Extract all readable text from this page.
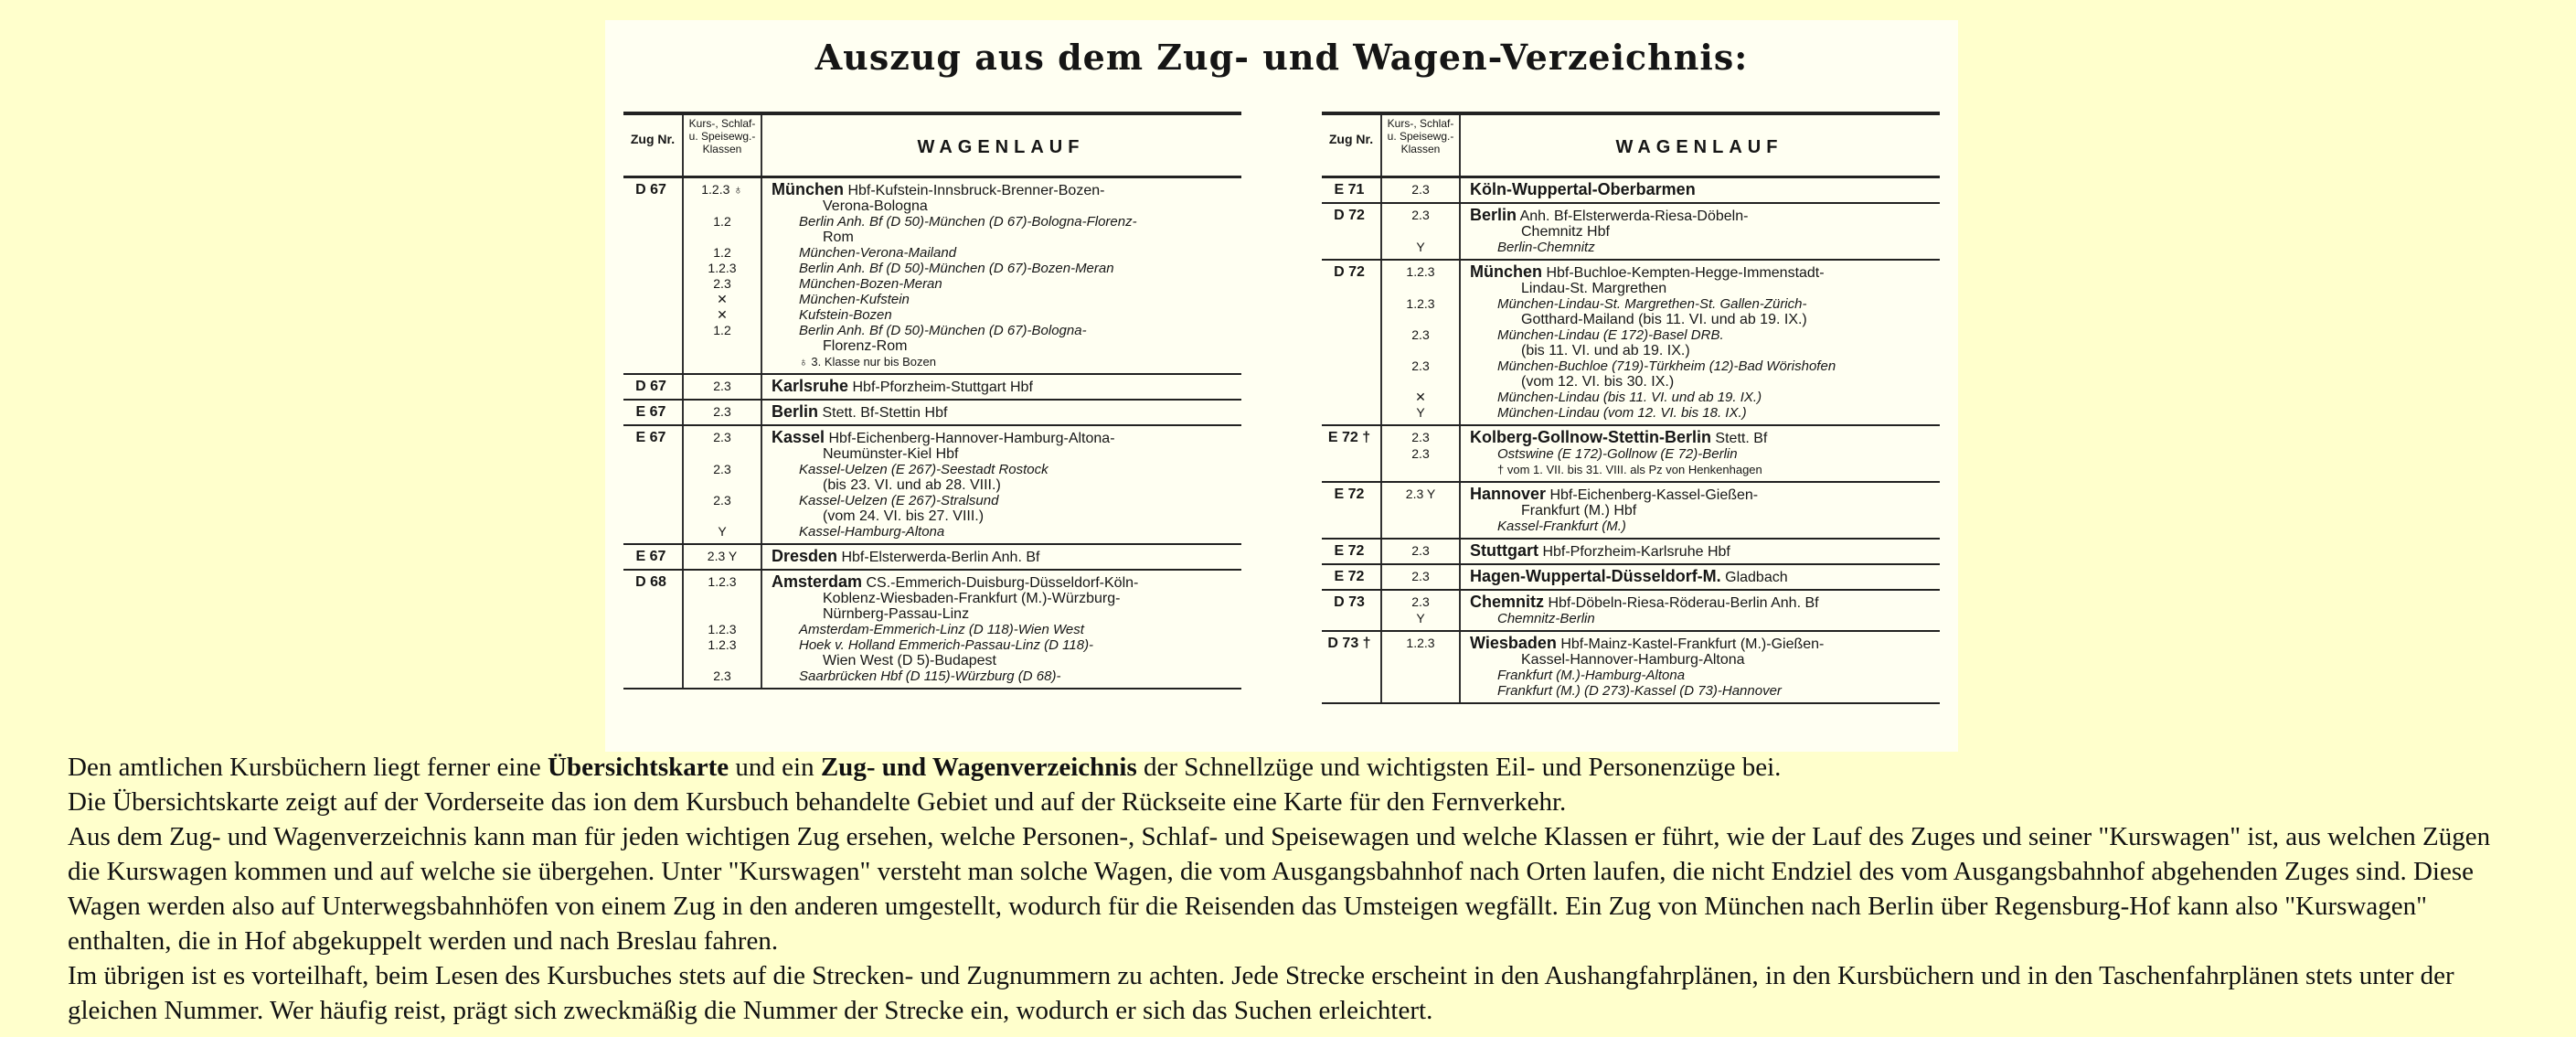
Auszug aus dem Zug- und Wagen-Verzeichnis:
Zug Nr.
Kurs-, Schlaf- u. Speisewg.- Klassen	WAGENLAUF
D 67	1.2.3 ♁	München Hbf-Kufstein-Innsbruck-Brenner-Bozen-
Verona-Bologna
1.2	Berlin Anh. Bf (D 50)-München (D 67)-Bologna-Florenz-
Rom
1.2	München-Verona-Mailand
1.2.3	Berlin Anh. Bf (D 50)-München (D 67)-Bozen-Meran
2.3	München-Bozen-Meran
✕	München-Kufstein
✕	Kufstein-Bozen
1.2	Berlin Anh. Bf (D 50)-München (D 67)-Bologna-
Florenz-Rom
♁ 3. Klasse nur bis Bozen
D 67	2.3	Karlsruhe Hbf-Pforzheim-Stuttgart Hbf
E 67	2.3	Berlin Stett. Bf-Stettin Hbf
E 67	2.3	Kassel Hbf-Eichenberg-Hannover-Hamburg-Altona-
Neumünster-Kiel Hbf
2.3	Kassel-Uelzen (E 267)-Seestadt Rostock
(bis 23. VI. und ab 28. VIII.)
2.3	Kassel-Uelzen (E 267)-Stralsund
(vom 24. VI. bis 27. VIII.)
Y	Kassel-Hamburg-Altona
E 67	2.3 Y	Dresden Hbf-Elsterwerda-Berlin Anh. Bf
D 68	1.2.3	Amsterdam CS.-Emmerich-Duisburg-Düsseldorf-Köln-
Koblenz-Wiesbaden-Frankfurt (M.)-Würzburg-
Nürnberg-Passau-Linz
1.2.3	Amsterdam-Emmerich-Linz (D 118)-Wien West
1.2.3	Hoek v. Holland Emmerich-Passau-Linz (D 118)-
Wien West (D 5)-Budapest
2.3	Saarbrücken Hbf (D 115)-Würzburg (D 68)-
Zug Nr.
Kurs-, Schlaf- u. Speisewg.- Klassen	WAGENLAUF
E 71	2.3	Köln-Wuppertal-Oberbarmen
D 72	2.3	Berlin Anh. Bf-Elsterwerda-Riesa-Döbeln-
Chemnitz Hbf
Y	Berlin-Chemnitz
D 72	1.2.3	München Hbf-Buchloe-Kempten-Hegge-Immenstadt-
Lindau-St. Margrethen
1.2.3	München-Lindau-St. Margrethen-St. Gallen-Zürich-
Gotthard-Mailand (bis 11. VI. und ab 19. IX.)
2.3	München-Lindau (E 172)-Basel DRB.
(bis 11. VI. und ab 19. IX.)
2.3	München-Buchloe (719)-Türkheim (12)-Bad Wörishofen
(vom 12. VI. bis 30. IX.)
✕	München-Lindau (bis 11. VI. und ab 19. IX.)
Y	München-Lindau (vom 12. VI. bis 18. IX.)
E 72 †	2.3	Kolberg-Gollnow-Stettin-Berlin Stett. Bf
2.3	Ostswine (E 172)-Gollnow (E 72)-Berlin
† vom 1. VII. bis 31. VIII. als Pz von Henkenhagen
E 72	2.3 Y	Hannover Hbf-Eichenberg-Kassel-Gießen-
Frankfurt (M.) Hbf
Kassel-Frankfurt (M.)
E 72	2.3	Stuttgart Hbf-Pforzheim-Karlsruhe Hbf
E 72	2.3	Hagen-Wuppertal-Düsseldorf-M. Gladbach
D 73	2.3	Chemnitz Hbf-Döbeln-Riesa-Röderau-Berlin Anh. Bf
Y	Chemnitz-Berlin
D 73 †	1.2.3	Wiesbaden Hbf-Mainz-Kastel-Frankfurt (M.)-Gießen-
Kassel-Hannover-Hamburg-Altona
Frankfurt (M.)-Hamburg-Altona
Frankfurt (M.) (D 273)-Kassel (D 73)-Hannover

Den amtlichen Kursbüchern liegt ferner eine Übersichtskarte und ein Zug- und Wagenverzeichnis der Schnellzüge und wichtigsten Eil- und Personenzüge bei.

Die Übersichtskarte zeigt auf der Vorderseite das ion dem Kursbuch behandelte Gebiet und auf der Rückseite eine Karte für den Fernverkehr.

Aus dem Zug- und Wagenverzeichnis kann man für jeden wichtigen Zug ersehen, welche Personen-, Schlaf- und Speisewagen und welche Klassen er führt, wie der Lauf des Zuges und seiner "Kurswagen" ist, aus welchen Zügen die Kurswagen kommen und auf welche sie übergehen. Unter "Kurswagen" versteht man solche Wagen, die vom Ausgangsbahnhof nach Orten laufen, die nicht Endziel des vom Ausgangsbahnhof abgehenden Zuges sind. Diese Wagen werden also auf Unterwegsbahnhöfen von einem Zug in den anderen umgestellt, wodurch für die Reisenden das Umsteigen wegfällt. Ein Zug von München nach Berlin über Regensburg-Hof kann also "Kurswagen" enthalten, die in Hof abgekuppelt werden und nach Breslau fahren.

Im übrigen ist es vorteilhaft, beim Lesen des Kursbuches stets auf die Strecken- und Zugnummern zu achten. Jede Strecke erscheint in den Aushangfahrplänen, in den Kursbüchern und in den Taschenfahrplänen stets unter der gleichen Nummer. Wer häufig reist, prägt sich zweckmäßig die Nummer der Strecke ein, wodurch er sich das Suchen erleichtert.
